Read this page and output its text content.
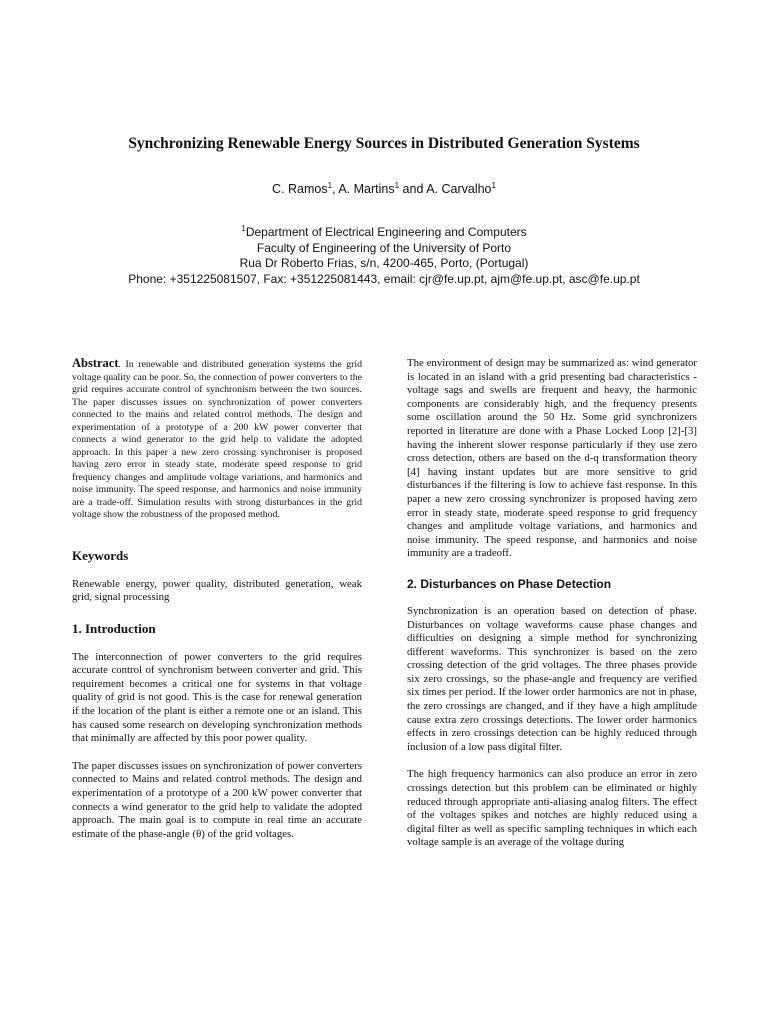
Synchronizing Renewable Energy Sources in Distributed Generation Systems
C. Ramos$^1$, A. Martins$^1$ and A. Carvalho$^1$
$^1$Department of Electrical Engineering and Computers
Faculty of Engineering of the University of Porto
Rua Dr Roberto Frias, s/n, 4200-465, Porto, (Portugal)
Phone: +351225081507, Fax: +351225081443, email: cjr@fe.up.pt, ajm@fe.up.pt, asc@fe.up.pt

Abstract. In renewable and distributed generation systems the grid voltage quality can be poor. So, the connection of power converters to the grid requires accurate control of synchronism between the two sources. The paper discusses issues on synchronization of power converters connected to the mains and related control methods. The design and experimentation of a prototype of a 200 kW power converter that connects a wind generator to the grid help to validate the adopted approach. In this paper a new zero crossing synchroniser is proposed having zero error in steady state, moderate speed response to grid frequency changes and amplitude voltage variations, and harmonics and noise immunity. The speed response, and harmonics and noise immunity are a trade-off. Simulation results with strong disturbances in the grid voltage show the robustness of the proposed method.

Keywords

Renewable energy, power quality, distributed generation, weak grid, signal processing

1. Introduction

The interconnection of power converters to the grid requires accurate control of synchronism between converter and grid. This requirement becomes a critical one for systems in that voltage quality of grid is not good. This is the case for renewal generation if the location of the plant is either a remote one or an island. This has caused some research on developing synchronization methods that minimally are affected by this poor power quality.

The paper discusses issues on synchronization of power converters connected to Mains and related control methods. The design and experimentation of a prototype of a 200 kW power converter that connects a wind generator to the grid help to validate the adopted approach. The main goal is to compute in real time an accurate estimate of the phase-angle (θ) of the grid voltages.

The environment of design may be summarized as: wind generator is located in an island with a grid presenting bad characteristics - voltage sags and swells are frequent and heavy, the harmonic components are considerably high, and the frequency presents some oscillation around the 50 Hz. Some grid synchronizers reported in literature are done with a Phase Locked Loop [2]-[3] having the inherent slower response particularly if they use zero cross detection, others are based on the d-q transformation theory [4] having instant updates but are more sensitive to grid disturbances if the filtering is low to achieve fast response. In this paper a new zero crossing synchronizer is proposed having zero error in steady state, moderate speed response to grid frequency changes and amplitude voltage variations, and harmonics and noise immunity. The speed response, and harmonics and noise immunity are a tradeoff.

2. Disturbances on Phase Detection

Synchronization is an operation based on detection of phase. Disturbances on voltage waveforms cause phase changes and difficulties on designing a simple method for synchronizing different waveforms. This synchronizer is based on the zero crossing detection of the grid voltages. The three phases provide six zero crossings, so the phase-angle and frequency are verified six times per period. If the lower order harmonics are not in phase, the zero crossings are changed, and if they have a high amplitude cause extra zero crossings detections. The lower order harmonics effects in zero crossings detection can be highly reduced through inclusion of a low pass digital filter.

The high frequency harmonics can also produce an error in zero crossings detection but this problem can be eliminated or highly reduced through appropriate anti-aliasing analog filters. The effect of the voltages spikes and notches are highly reduced using a digital filter as well as specific sampling techniques in which each voltage sample is an average of the voltage during
